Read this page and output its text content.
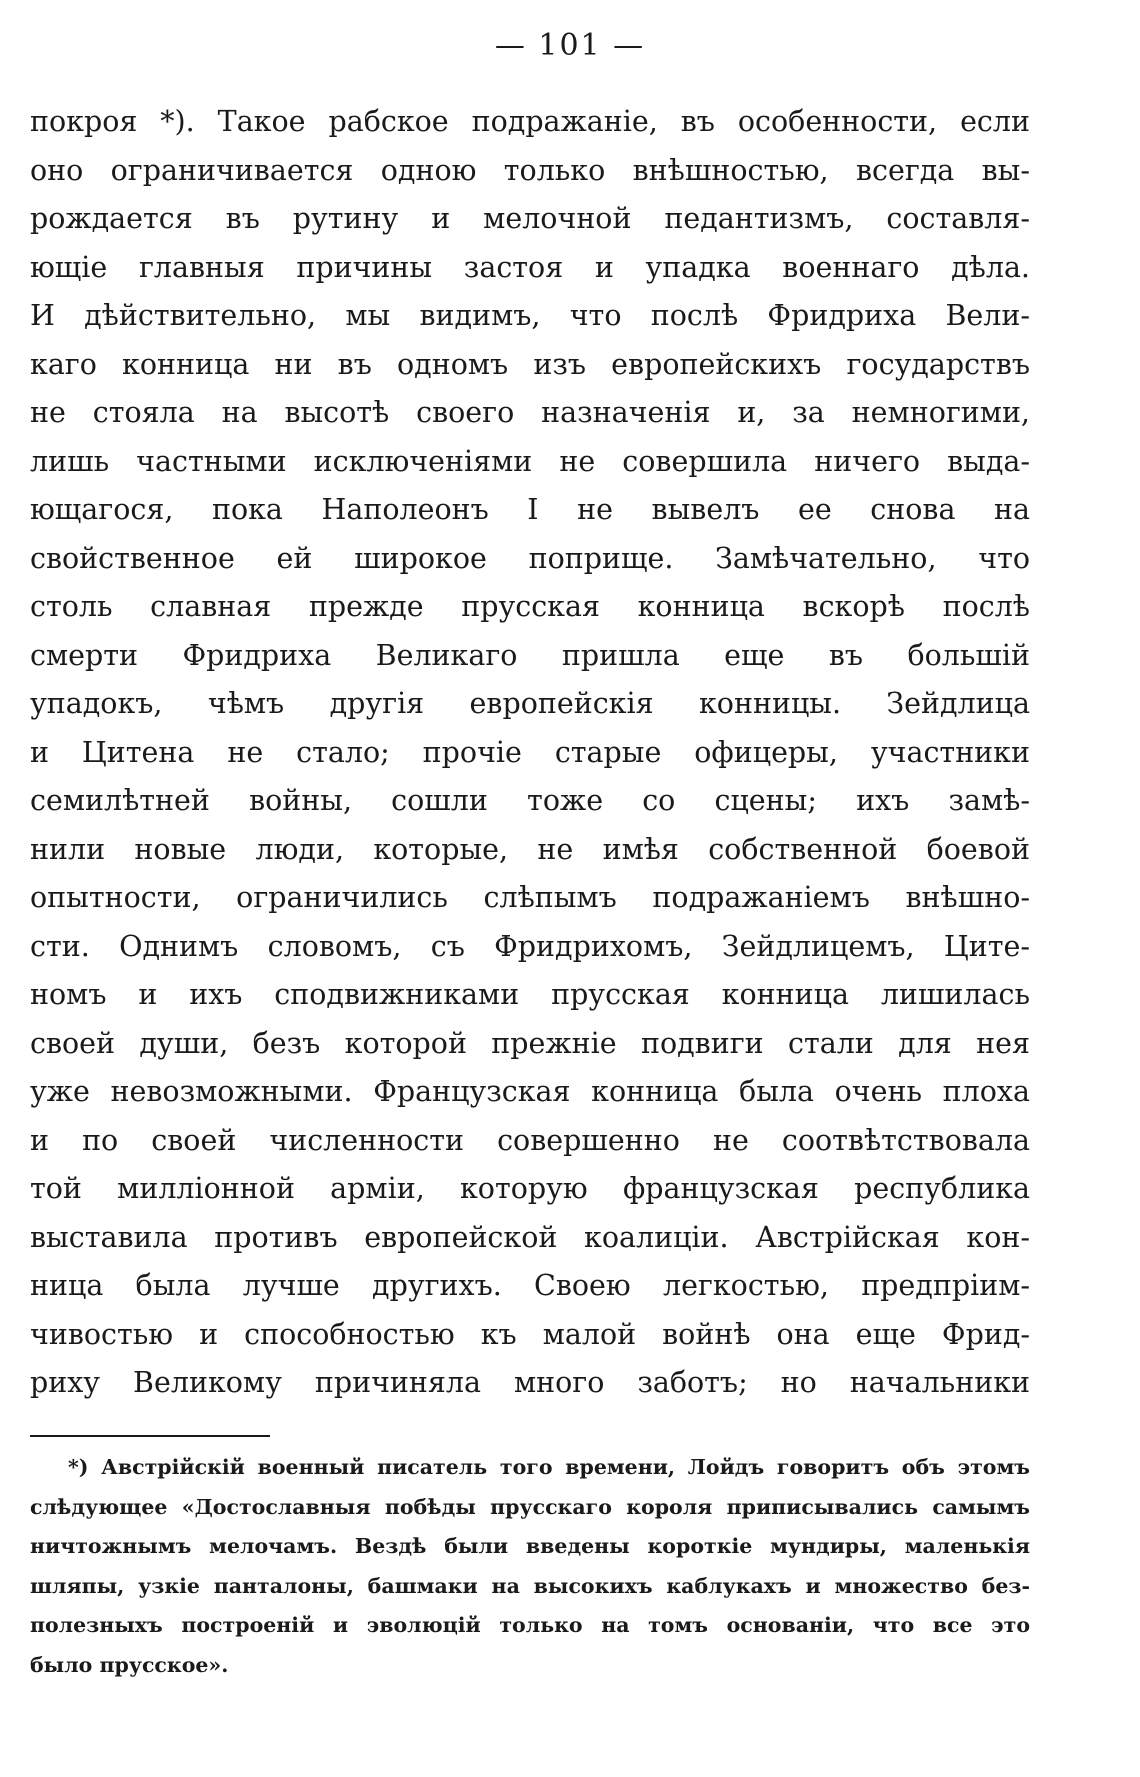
— 101 —
покроя *). Такое рабское подражаніе, въ особенности, если
оно ограничивается одною только внѣшностью, всегда вы-
рождается въ рутину и мелочной педантизмъ, составля-
ющіе главныя причины застоя и упадка военнаго дѣла.
И дѣйствительно, мы видимъ, что послѣ Фридриха Вели-
каго конница ни въ одномъ изъ европейскихъ государствъ
не стояла на высотѣ своего назначенія и, за немногими,
лишь частными исключеніями не совершила ничего выда-
ющагося, пока Наполеонъ I не вывелъ ее снова на
свойственное ей широкое поприще. Замѣчательно, что
столь славная прежде прусская конница вскорѣ послѣ
смерти Фридриха Великаго пришла еще въ большій
упадокъ, чѣмъ другія европейскія конницы. Зейдлица
и Цитена не стало; прочіе старые офицеры, участники
семилѣтней войны, сошли тоже со сцены; ихъ замѣ-
нили новые люди, которые, не имѣя собственной боевой
опытности, ограничились слѣпымъ подражаніемъ внѣшно-
сти. Однимъ словомъ, съ Фридрихомъ, Зейдлицемъ, Ците-
номъ и ихъ сподвижниками прусская конница лишилась
своей души, безъ которой прежніе подвиги стали для нея
уже невозможными. Французская конница была очень плоха
и по своей численности совершенно не соотвѣтствовала
той милліонной арміи, которую французская республика
выставила противъ европейской коалиціи. Австрійская кон-
ница была лучше другихъ. Своею легкостью, предпріим-
чивостью и способностью къ малой войнѣ она еще Фрид-
риху Великому причиняла много заботъ; но начальники
*) Австрійскій военный писатель того времени, Лойдъ говоритъ объ этомъ
слѣдующее «Достославныя побѣды прусскаго короля приписывались самымъ
ничтожнымъ мелочамъ. Вездѣ были введены короткіе мундиры, маленькія
шляпы, узкіе панталоны, башмаки на высокихъ каблукахъ и множество без-
полезныхъ построеній и эволюцій только на томъ основаніи, что все это
было прусское».
